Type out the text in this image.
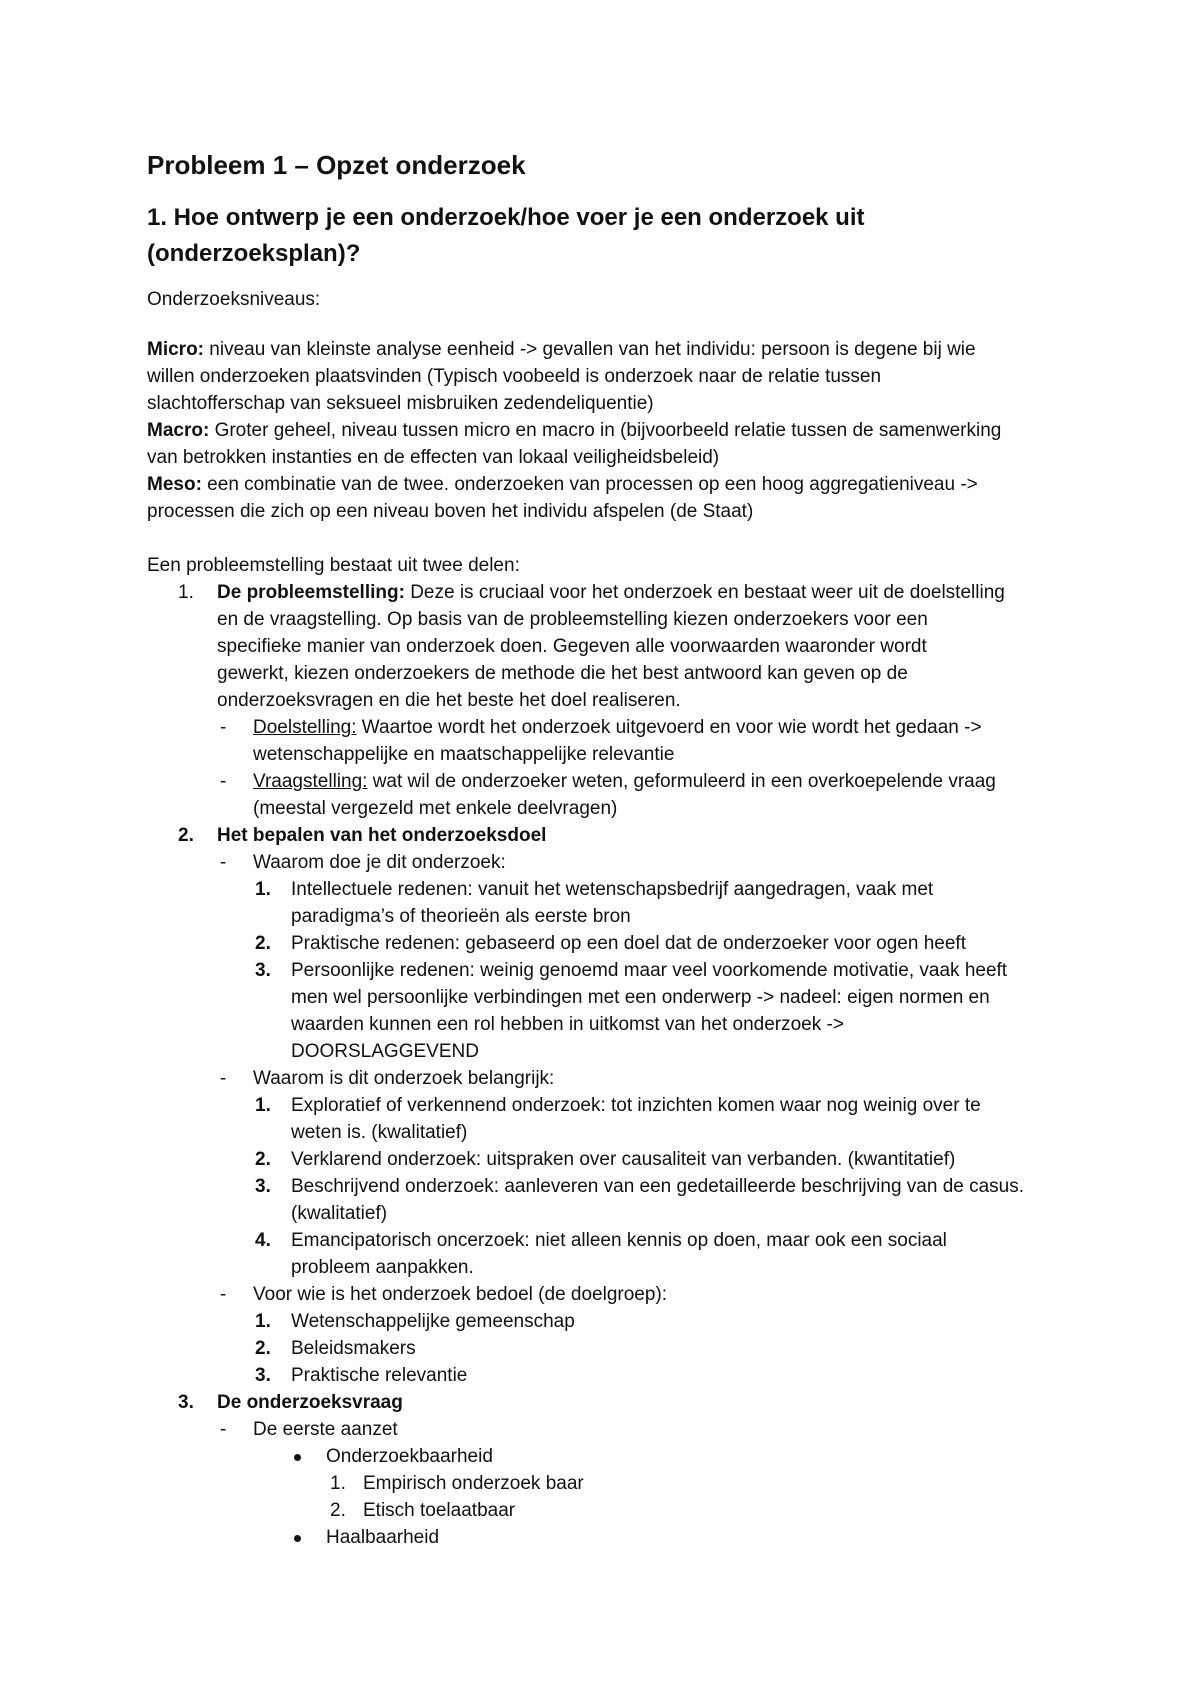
Probleem 1 – Opzet onderzoek
1. Hoe ontwerp je een onderzoek/hoe voer je een onderzoek uit
(onderzoeksplan)?
Onderzoeksniveaus:
Micro: niveau van kleinste analyse eenheid -> gevallen van het individu: persoon is degene bij wie
willen onderzoeken plaatsvinden (Typisch voobeeld is onderzoek naar de relatie tussen
slachtofferschap van seksueel misbruiken zedendeliquentie)
Macro: Groter geheel, niveau tussen micro en macro in (bijvoorbeeld relatie tussen de samenwerking
van betrokken instanties en de effecten van lokaal veiligheidsbeleid)
Meso: een combinatie van de twee. onderzoeken van processen op een hoog aggregatieniveau ->
processen die zich op een niveau boven het individu afspelen (de Staat)
Een probleemstelling bestaat uit twee delen:
1. De probleemstelling: Deze is cruciaal voor het onderzoek en bestaat weer uit de doelstelling
en de vraagstelling. Op basis van de probleemstelling kiezen onderzoekers voor een
specifieke manier van onderzoek doen. Gegeven alle voorwaarden waaronder wordt
gewerkt, kiezen onderzoekers de methode die het best antwoord kan geven op de
onderzoeksvragen en die het beste het doel realiseren.
- Doelstelling: Waartoe wordt het onderzoek uitgevoerd en voor wie wordt het gedaan ->
wetenschappelijke en maatschappelijke relevantie
- Vraagstelling: wat wil de onderzoeker weten, geformuleerd in een overkoepelende vraag
(meestal vergezeld met enkele deelvragen)
2. Het bepalen van het onderzoeksdoel
- Waarom doe je dit onderzoek:
1. Intellectuele redenen: vanuit het wetenschapsbedrijf aangedragen, vaak met
paradigma’s of theorieën als eerste bron
2. Praktische redenen: gebaseerd op een doel dat de onderzoeker voor ogen heeft
3. Persoonlijke redenen: weinig genoemd maar veel voorkomende motivatie, vaak heeft
men wel persoonlijke verbindingen met een onderwerp -> nadeel: eigen normen en
waarden kunnen een rol hebben in uitkomst van het onderzoek ->
DOORSLAGGEVEND
- Waarom is dit onderzoek belangrijk:
1. Exploratief of verkennend onderzoek: tot inzichten komen waar nog weinig over te
weten is. (kwalitatief)
2. Verklarend onderzoek: uitspraken over causaliteit van verbanden. (kwantitatief)
3. Beschrijvend onderzoek: aanleveren van een gedetailleerde beschrijving van de casus.
(kwalitatief)
4. Emancipatorisch oncerzoek: niet alleen kennis op doen, maar ook een sociaal
probleem aanpakken.
- Voor wie is het onderzoek bedoel (de doelgroep):
1. Wetenschappelijke gemeenschap
2. Beleidsmakers
3. Praktische relevantie
3. De onderzoeksvraag
- De eerste aanzet
Onderzoekbaarheid
1. Empirisch onderzoek baar
2. Etisch toelaatbaar
Haalbaarheid
